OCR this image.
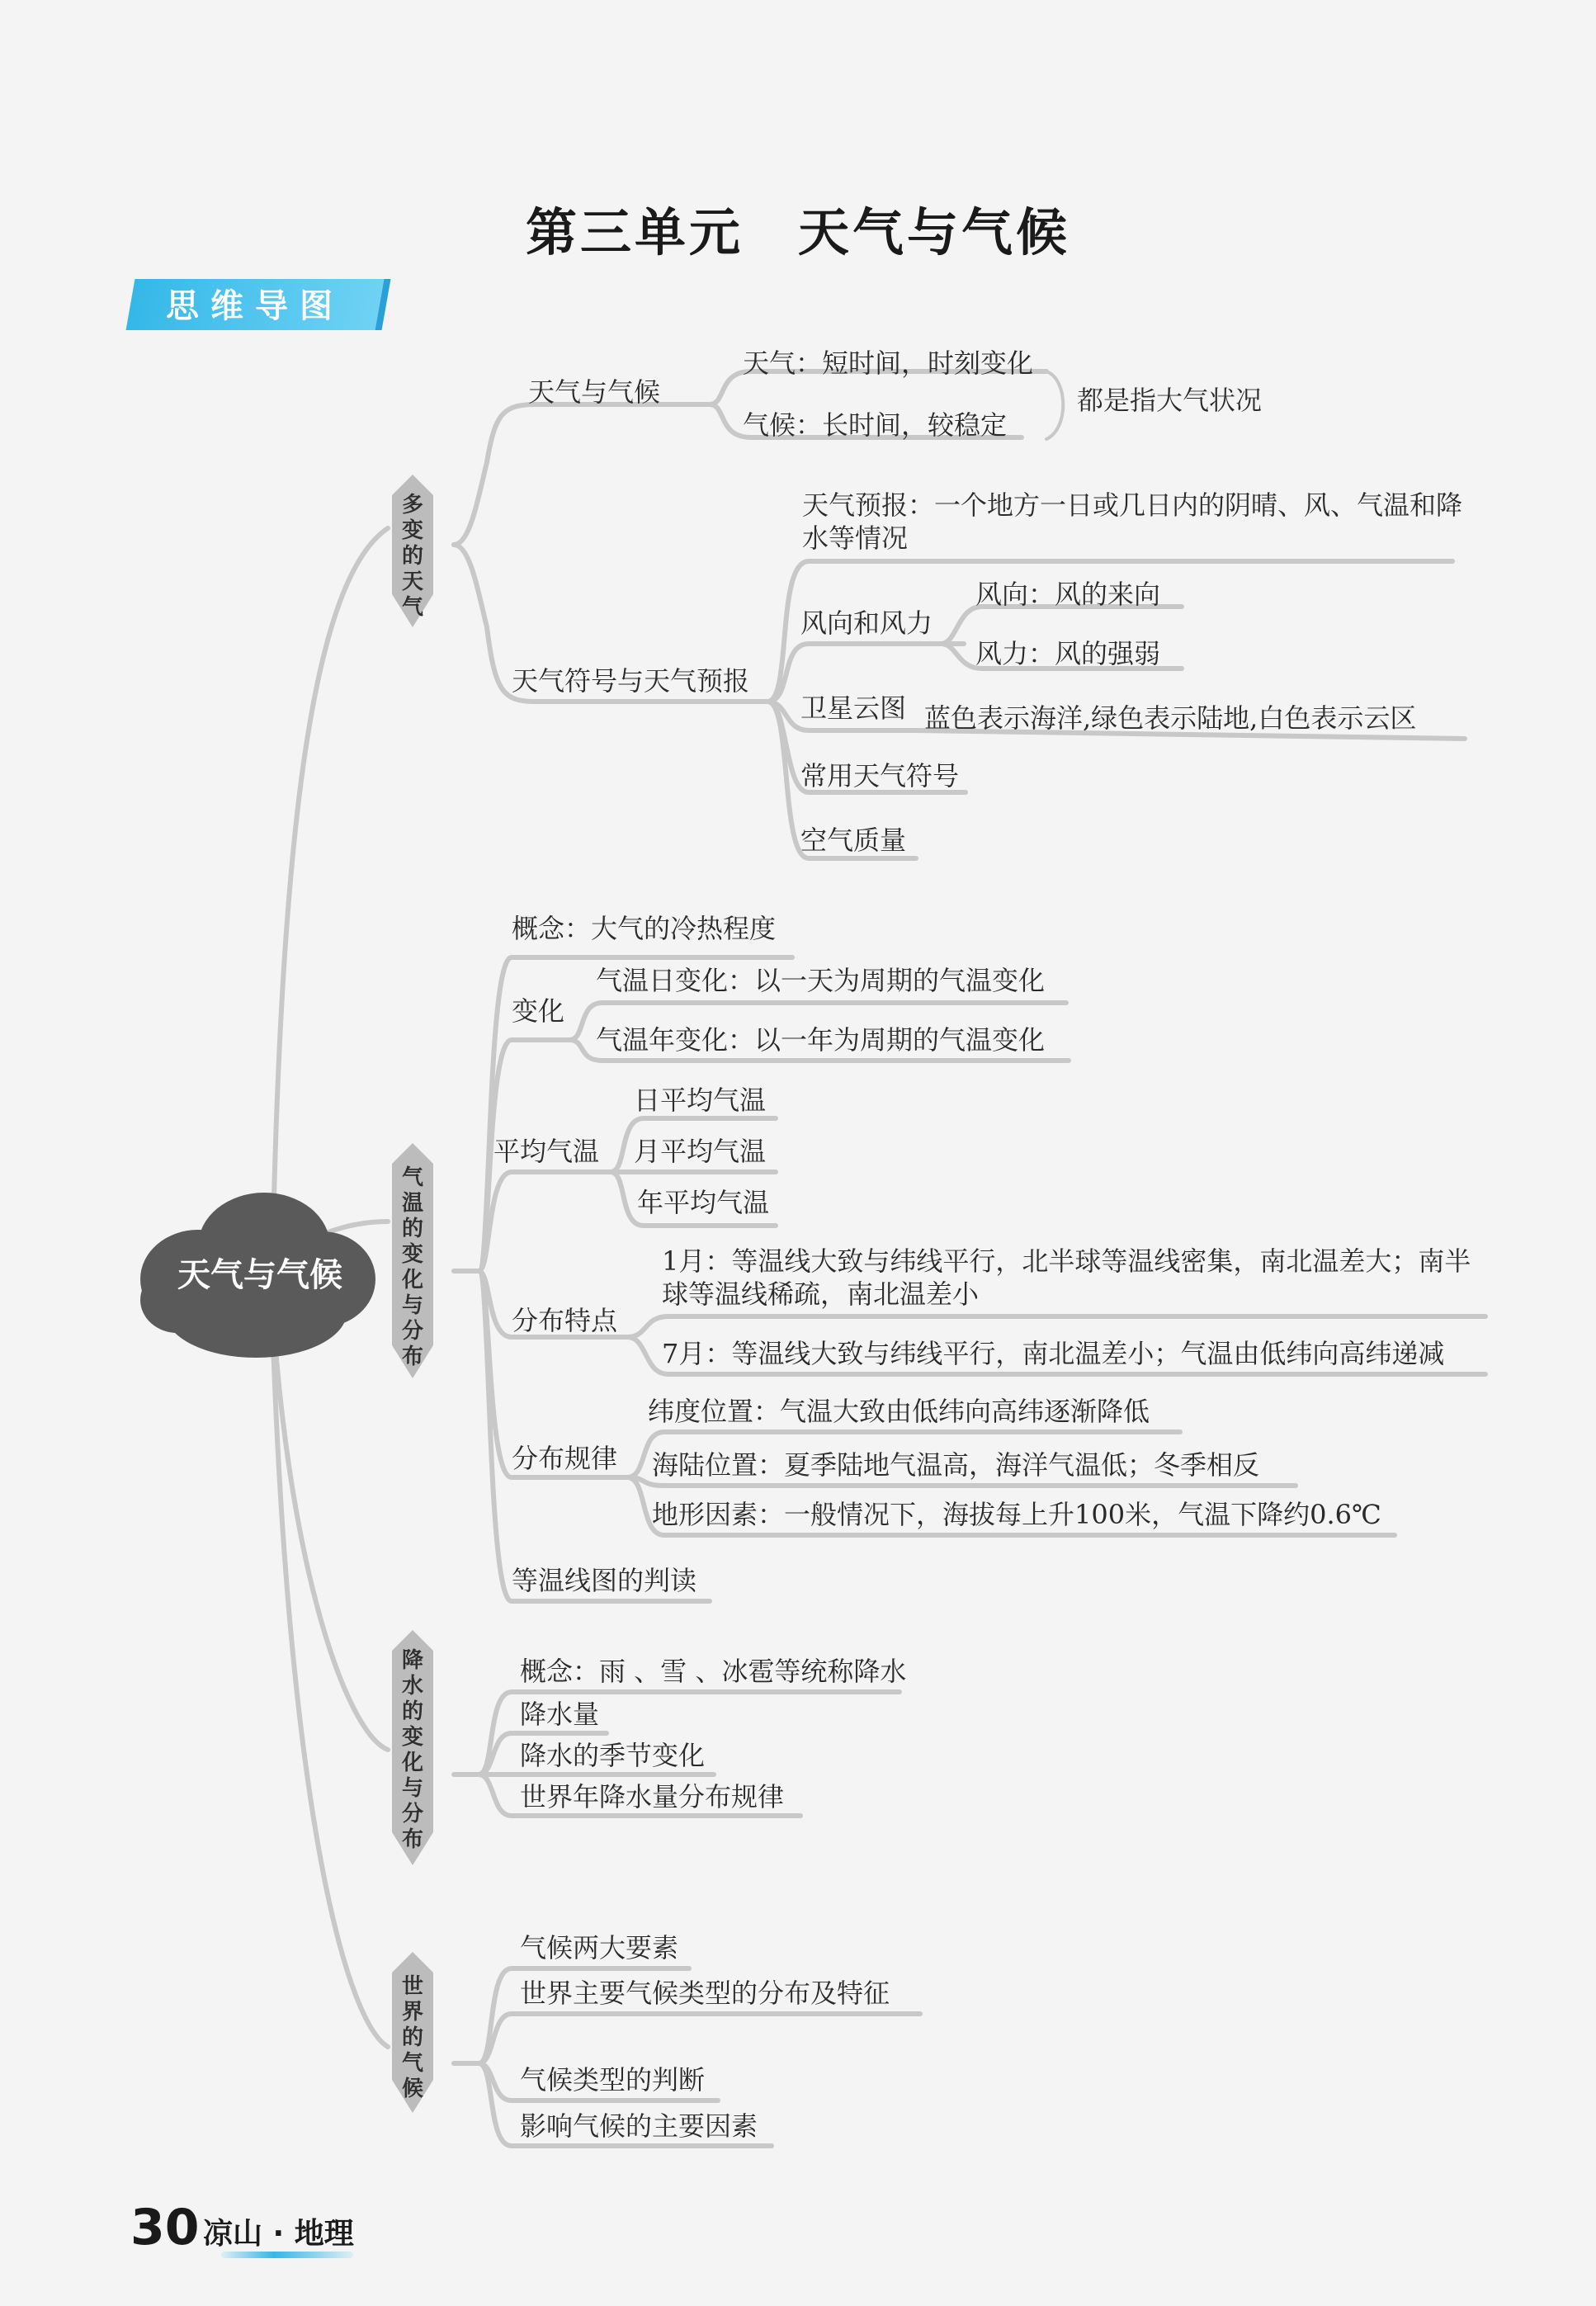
第三单元　天气与气候
思维导图
天气与气候
多变的天气
气温的变化与分布
降水的变化与分布
世界的气候
天气与气候
天气：短时间，时刻变化
气候：长时间，较稳定
都是指大气状况
天气符号与天气预报
天气预报：一个地方一日或几日内的阴晴、风、气温和降水等情况
风向和风力
风向：风的来向
风力：风的强弱
卫星云图 蓝色表示海洋,绿色表示陆地,白色表示云区
常用天气符号
空气质量
概念：大气的冷热程度
变化
气温日变化：以一天为周期的气温变化
气温年变化：以一年为周期的气温变化
平均气温
日平均气温
月平均气温
年平均气温
分布特点
1月：等温线大致与纬线平行，北半球等温线密集，南北温差大；南半球等温线稀疏，南北温差小
7月：等温线大致与纬线平行，南北温差小；气温由低纬向高纬递减
分布规律
纬度位置：气温大致由低纬向高纬逐渐降低
海陆位置：夏季陆地气温高，海洋气温低；冬季相反
地形因素：一般情况下，海拔每上升100米，气温下降约0.6℃
等温线图的判读
概念：雨 、雪 、冰雹等统称降水
降水量
降水的季节变化
世界年降水量分布规律
气候两大要素
世界主要气候类型的分布及特征
气候类型的判断
影响气候的主要因素
30 凉山 · 地理
